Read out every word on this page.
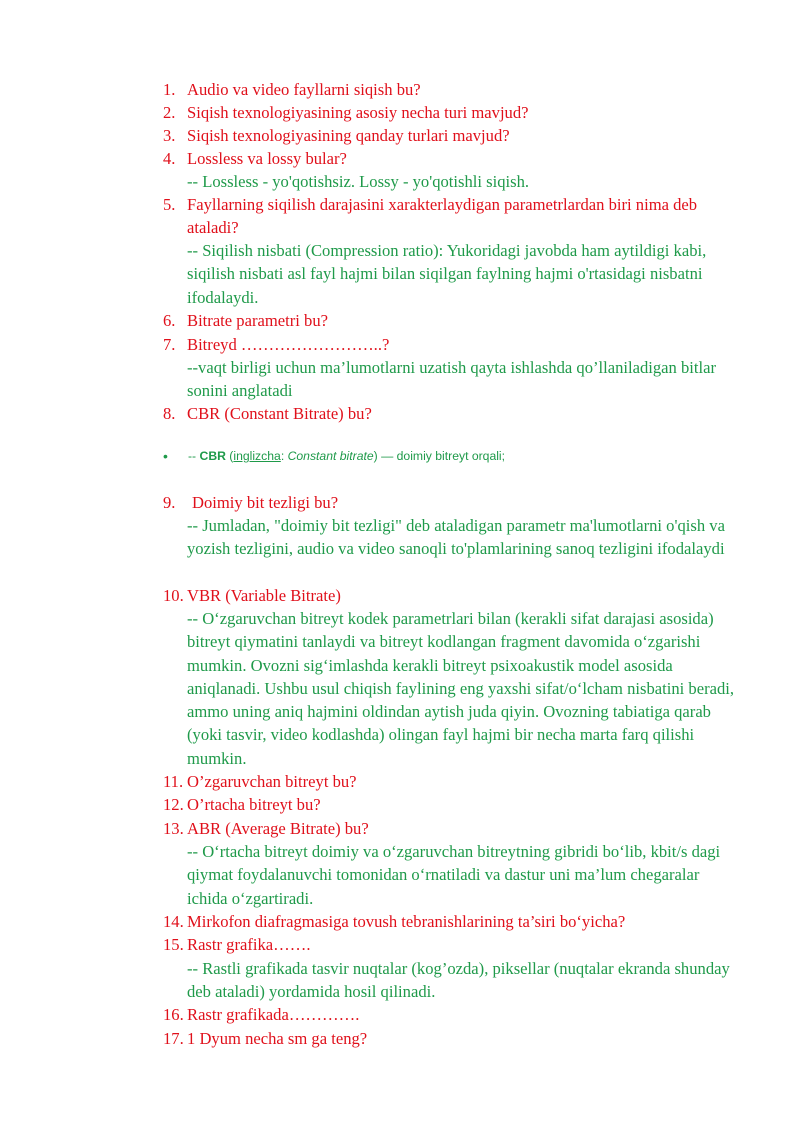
1. Audio va video fayllarni siqish bu?

2. Siqish texnologiyasining asosiy necha turi mavjud?

3. Siqish texnologiyasining qanday turlari mavjud?

4. Lossless va lossy bular?

-- Lossless - yo'qotishsiz. Lossy - yo'qotishli siqish.

5. Fayllarning siqilish darajasini xarakterlaydigan parametrlardan biri nima deb ataladi?

-- Siqilish nisbati (Compression ratio): Yukoridagi javobda ham aytildigi kabi, siqilish nisbati asl fayl hajmi bilan siqilgan faylning hajmi o'rtasidagi nisbatni ifodalaydi.

6. Bitrate parametri bu?

7. Bitreyd ……………………..?

--vaqt birligi uchun ma’lumotlarni uzatish qayta ishlashda qo’llaniladigan bitlar sonini anglatadi

8. CBR (Constant Bitrate) bu?

• -- CBR (inglizcha: Constant bitrate) — doimiy bitreyt orqali;

9. Doimiy bit tezligi bu?

-- Jumladan, "doimiy bit tezligi" deb ataladigan parametr ma'lumotlarni o'qish va yozish tezligini, audio va video sanoqli to'plamlarining sanoq tezligini ifodalaydi

10. VBR (Variable Bitrate)

-- O‘zgaruvchan bitreyt kodek parametrlari bilan (kerakli sifat darajasi asosida) bitreyt qiymatini tanlaydi va bitreyt kodlangan fragment davomida o‘zgarishi mumkin. Ovozni sig‘imlashda kerakli bitreyt psixoakustik model asosida aniqlanadi. Ushbu usul chiqish faylining eng yaxshi sifat/o‘lcham nisbatini beradi, ammo uning aniq hajmini oldindan aytish juda qiyin. Ovozning tabiatiga qarab (yoki tasvir, video kodlashda) olingan fayl hajmi bir necha marta farq qilishi mumkin.

11. O’zgaruvchan bitreyt bu?

12. O’rtacha bitreyt bu?

13. ABR (Average Bitrate) bu?

-- O‘rtacha bitreyt doimiy va o‘zgaruvchan bitreytning gibridi bo‘lib, kbit/s dagi qiymat foydalanuvchi tomonidan o‘rnatiladi va dastur uni ma’lum chegaralar ichida o‘zgartiradi.

14. Mirkofon diafragmasiga tovush tebranishlarining ta’siri bo‘yicha?

15. Rastr grafika…….

-- Rastli grafikada tasvir nuqtalar (kog’ozda), piksellar (nuqtalar ekranda shunday deb ataladi) yordamida hosil qilinadi.

16. Rastr grafikada………….

17. 1 Dyum necha sm ga teng?
